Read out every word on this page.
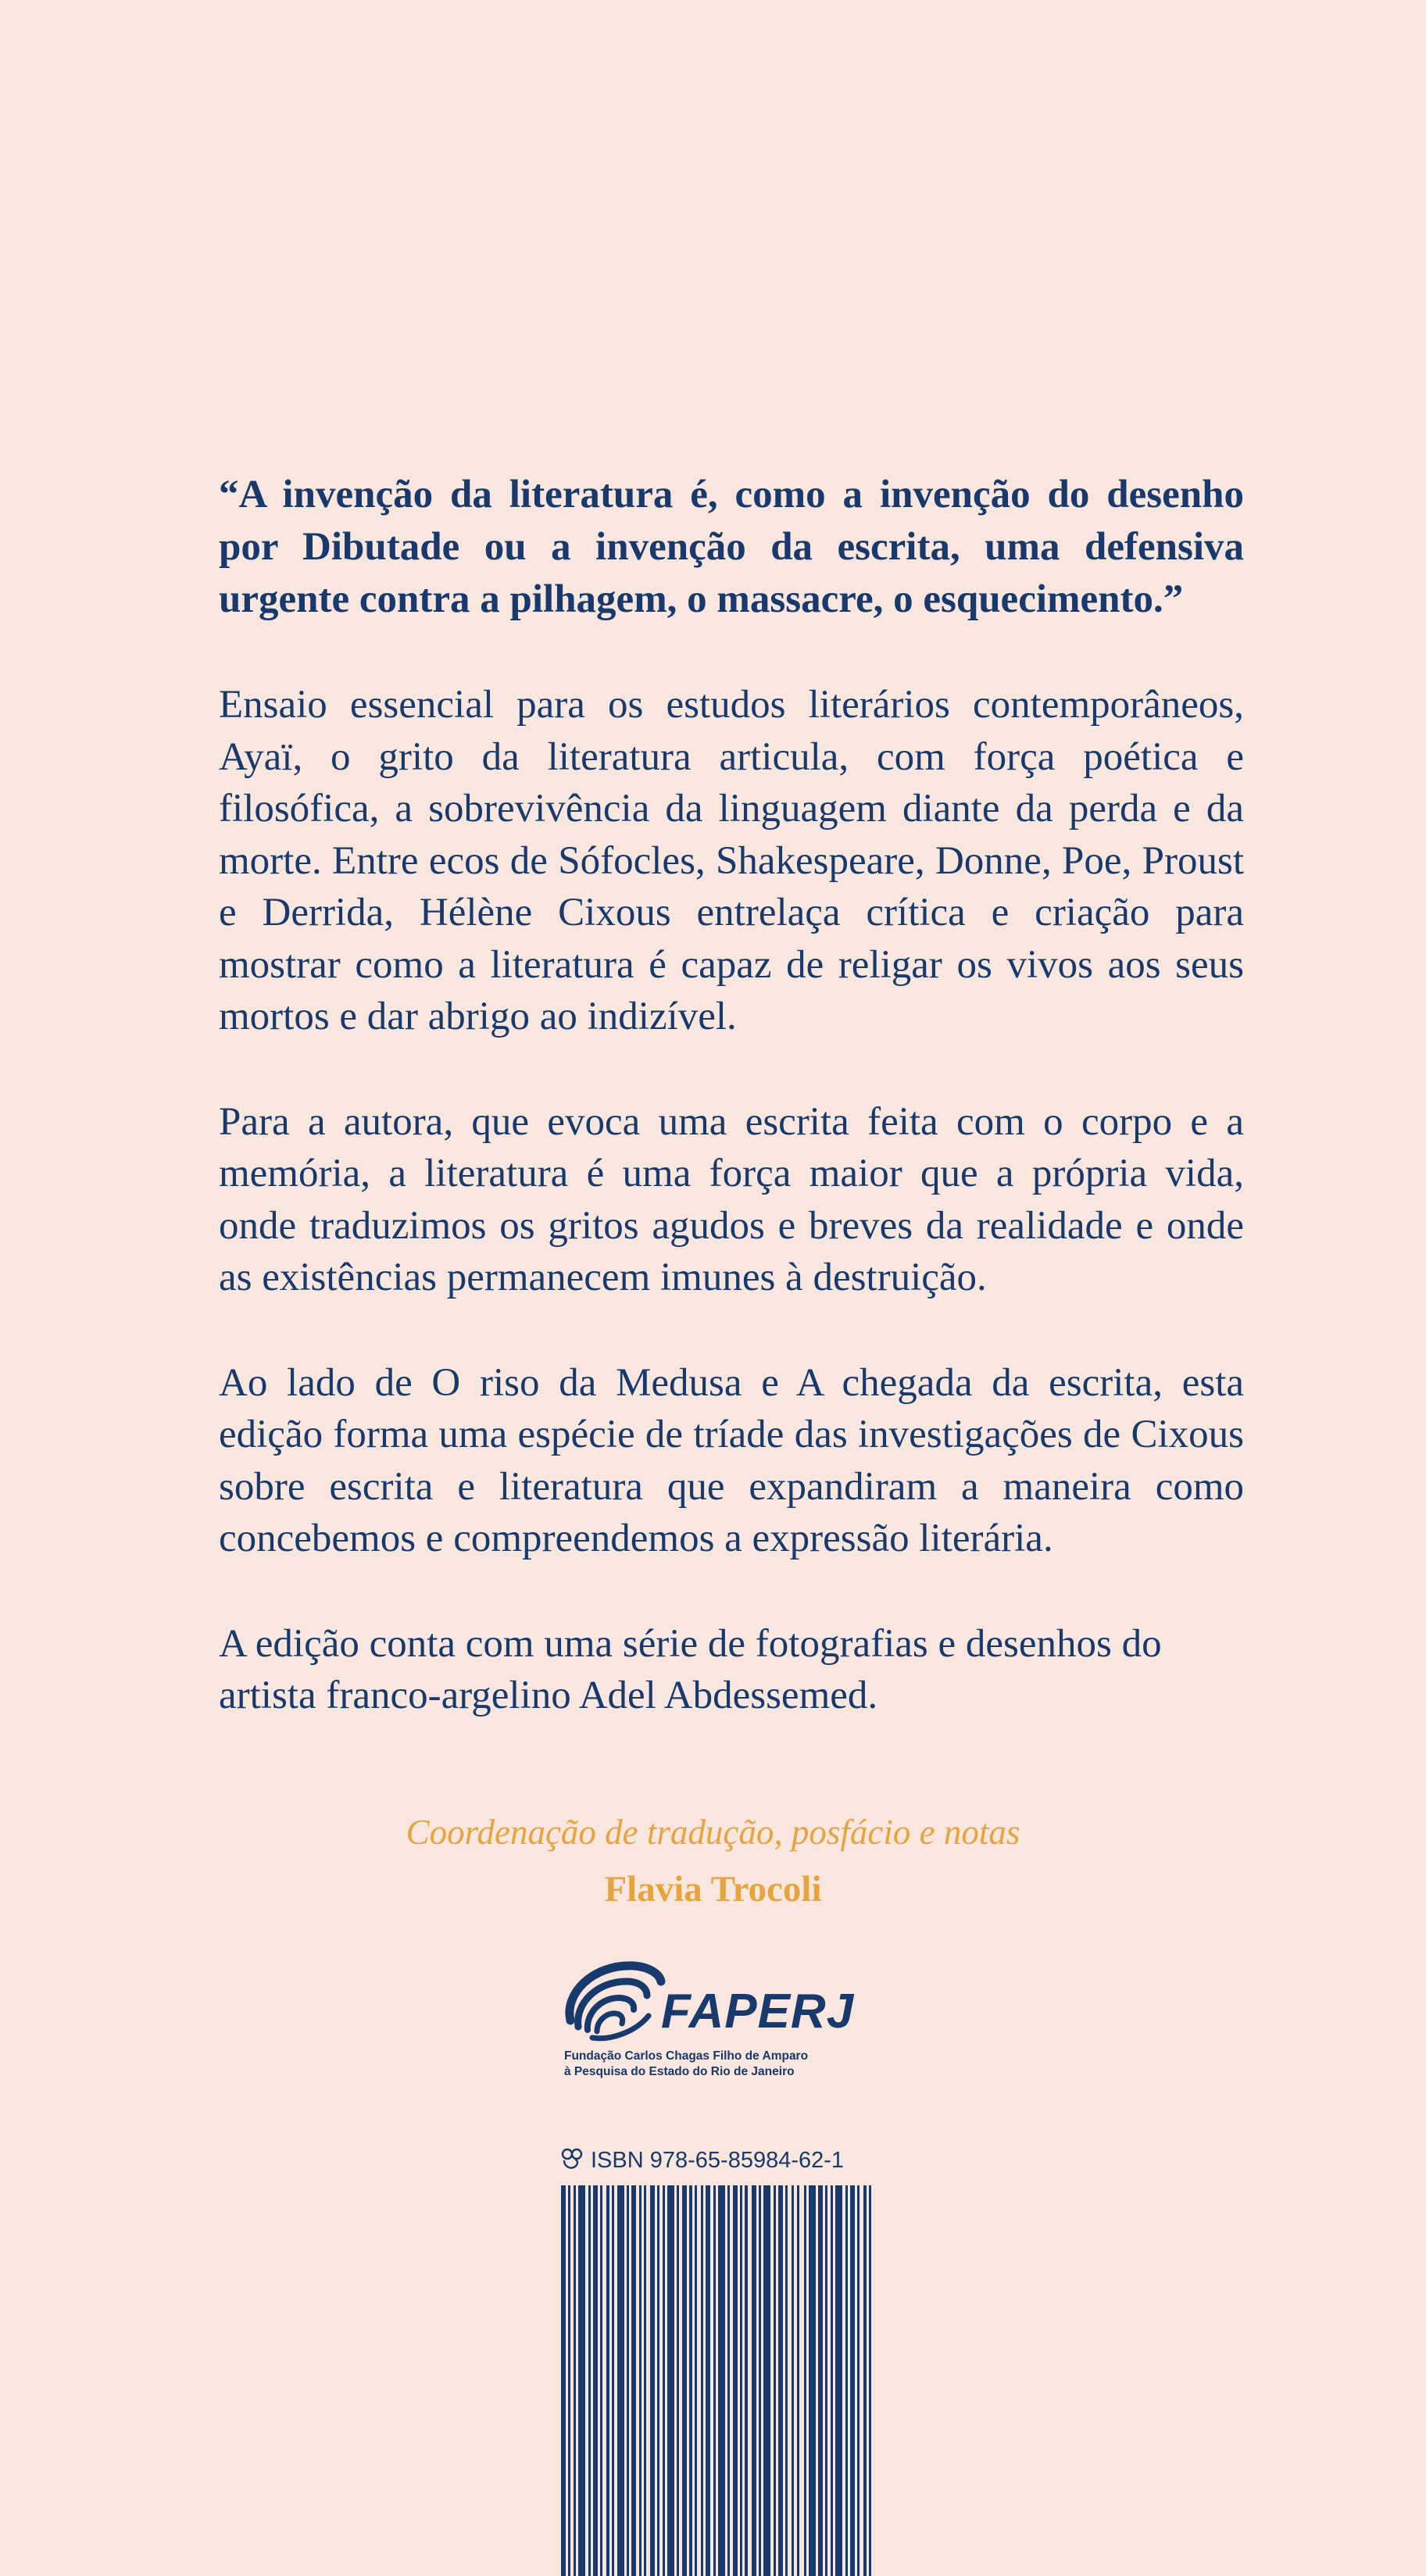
“A invenção da literatura é, como a invenção do desenho por Dibutade ou a invenção da escrita, uma defensiva urgente contra a pilhagem, o massacre, o esquecimento.”

Ensaio essencial para os estudos literários contemporâneos, Ayaï, o grito da literatura articula, com força poética e filosófica, a sobrevivência da linguagem diante da perda e da morte. Entre ecos de Sófocles, Shakespeare, Donne, Poe, Proust e Derrida, Hélène Cixous entrelaça crítica e criação para mostrar como a literatura é capaz de religar os vivos aos seus mortos e dar abrigo ao indizível.

Para a autora, que evoca uma escrita feita com o corpo e a memória, a literatura é uma força maior que a própria vida, onde traduzimos os gritos agudos e breves da realidade e onde as existências permanecem imunes à destruição.

Ao lado de O riso da Medusa e A chegada da escrita, esta edição forma uma espécie de tríade das investigações de Cixous sobre escrita e literatura que expandiram a maneira como concebemos e compreendemos a expressão literária.

A edição conta com uma série de fotografias e desenhos do artista franco-argelino Adel Abdessemed.

Coordenação de tradução, posfácio e notas
Flavia Trocoli
FAPERJ
Fundação Carlos Chagas Filho de Amparo
à Pesquisa do Estado do Rio de Janeiro
ISBN 978-65-85984-62-1
